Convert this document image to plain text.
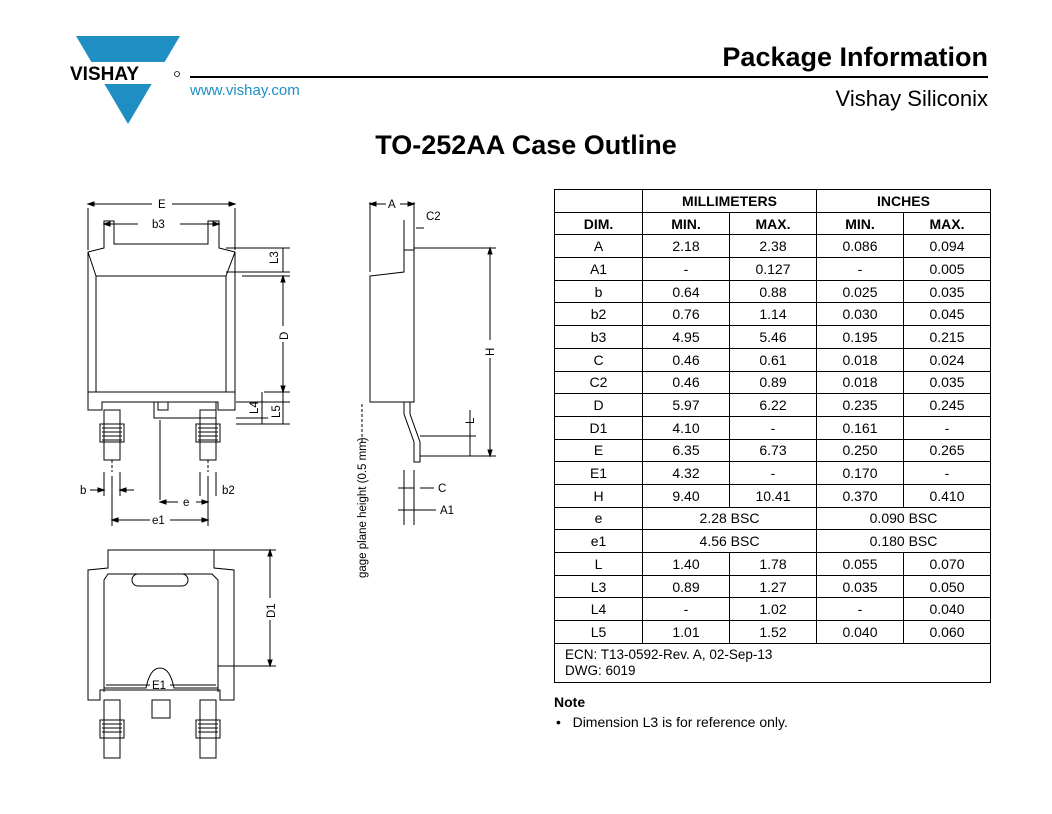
VISHAY
www.vishay.com
Package Information
Vishay Siliconix
TO-252AA Case Outline
E
b3
L3
D
L4 L5
b
e
b2
e1
D1
E1
A
C2
H
L
C
A1
gage plane height (0.5 mm)
	MILLIMETERS		INCHES	
DIM.	MIN.	MAX.	MIN.	MAX.
A	2.18	2.38	0.086	0.094
A1	-	0.127	-	0.005
b	0.64	0.88	0.025	0.035
b2	0.76	1.14	0.030	0.045
b3	4.95	5.46	0.195	0.215
C	0.46	0.61	0.018	0.024
C2	0.46	0.89	0.018	0.035
D	5.97	6.22	0.235	0.245
D1	4.10	-	0.161	-
E	6.35	6.73	0.250	0.265
E1	4.32	-	0.170	-
H	9.40	10.41	0.370	0.410
e	2.28 BSC		0.090 BSC	
e1	4.56 BSC		0.180 BSC	
L	1.40	1.78	0.055	0.070
L3	0.89	1.27	0.035	0.050
L4	-	1.02	-	0.040
L5	1.01	1.52	0.040	0.060

ECN: T13-0592-Rev. A, 02-Sep-13
DWG: 6019				
Note
• Dimension L3 is for reference only.
